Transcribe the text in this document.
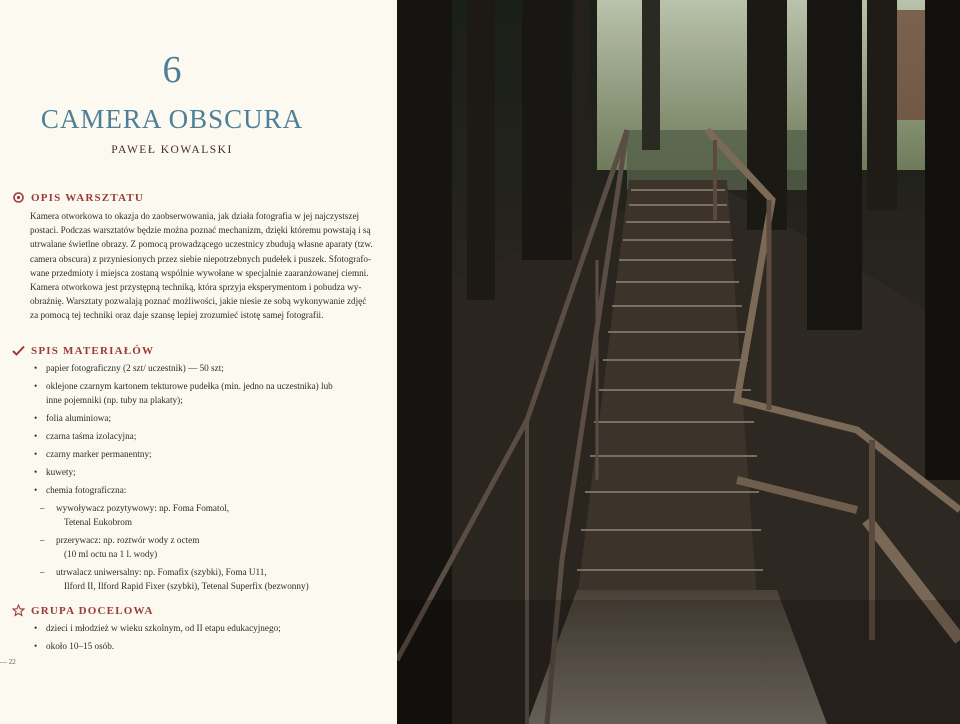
6
CAMERA OBSCURA
PAWEŁ KOWALSKI
OPIS WARSZTATU
Kamera otworkowa to okazja do zaobserwowania, jak działa fotografia w jej najczystszej
postaci. Podczas warsztatów będzie można poznać mechanizm, dzięki któremu powstają i są
utrwalane świetlne obrazy. Z pomocą prowadzącego uczestnicy zbudują własne aparaty (tzw.
camera obscura) z przyniesionych przez siebie niepotrzebnych pudełek i puszek. Sfotografo-
wane przedmioty i miejsca zostaną wspólnie wywołane w specjalnie zaaranżowanej ciemni.
Kamera otworkowa jest przystępną techniką, która sprzyja eksperymentom i pobudza wy-
obraźnię. Warsztaty pozwalają poznać możliwości, jakie niesie ze sobą wykonywanie zdjęć
za pomocą tej techniki oraz daje szansę lepiej zrozumieć istotę samej fotografii.
SPIS MATERIAŁÓW
• papier fotograficzny (2 szt/ uczestnik) — 50 szt;
• oklejone czarnym kartonem tekturowe pudełka (min. jedno na uczestnika) lub
inne pojemniki (np. tuby na plakaty);
• folia aluminiowa;
• czarna taśma izolacyjna;
• czarny marker permanentny;
• kuwety;
• chemia fotograficzna:
– wywoływacz pozytywowy: np. Foma Fomatol,
Tetenal Eukobrom
– przerywacz: np. roztwór wody z octem
(10 ml octu na 1 l. wody)
– utrwalacz uniwersalny: np. Fomafix (szybki), Foma U11,
Ilford II, Ilford Rapid Fixer (szybki), Tetenal Superfix (bezwonny)
GRUPA DOCELOWA
• dzieci i młodzież w wieku szkolnym, od II etapu edukacyjnego;
• około 10–15 osób.
— 22
